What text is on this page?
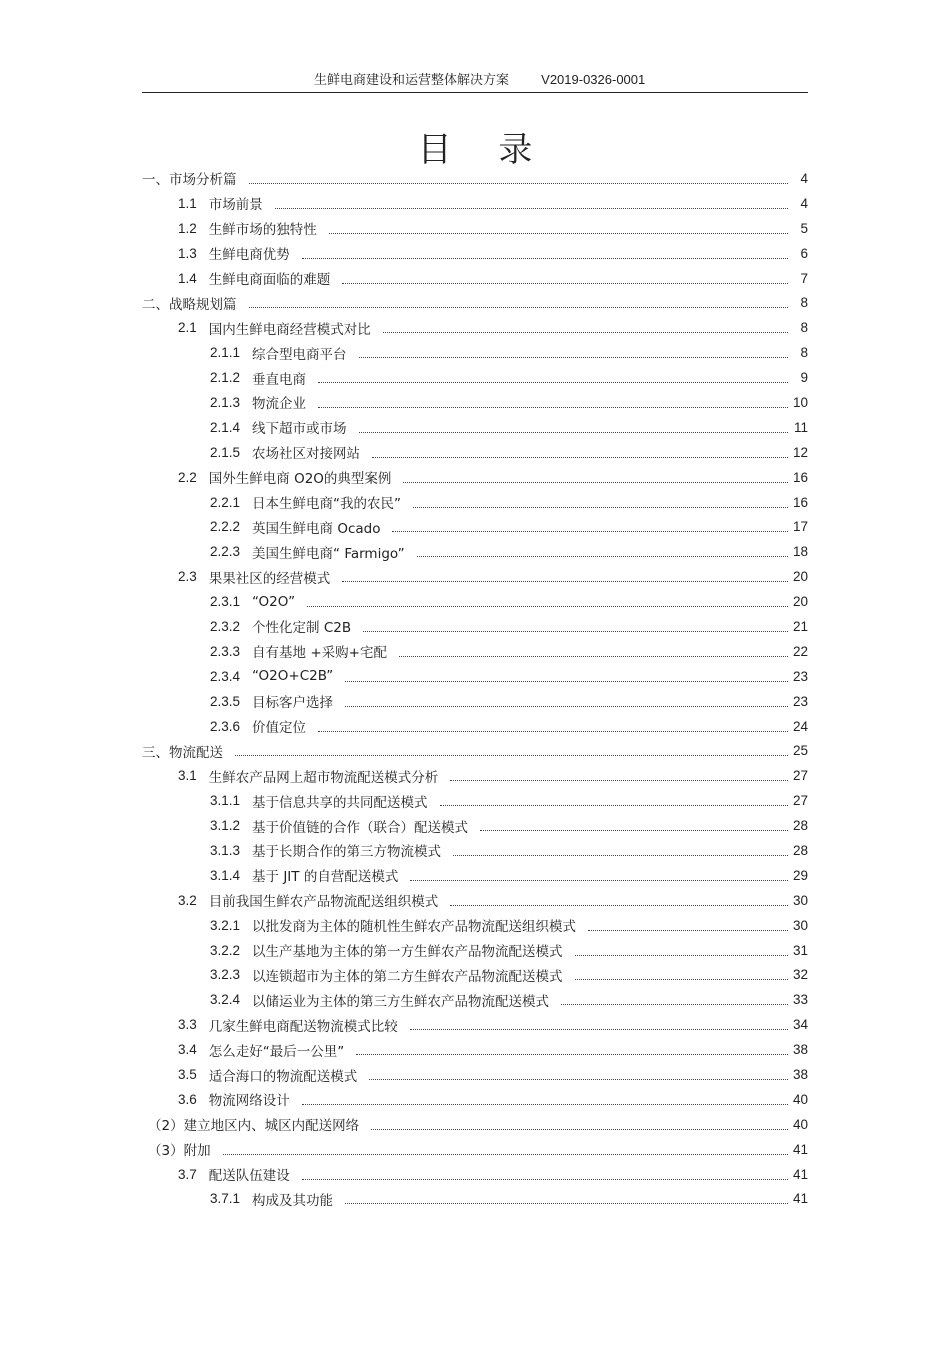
生鲜电商建设和运营整体解决方案 V2019-0326-0001
目 录
一、市场分析篇	4
1.1 市场前景	4
1.2 生鲜市场的独特性	5
1.3 生鲜电商优势	6
1.4 生鲜电商面临的难题	7
二、战略规划篇	8
2.1 国内生鲜电商经营模式对比	8
2.1.1 综合型电商平台	8
2.1.2 垂直电商	9
2.1.3 物流企业	10
2.1.4 线下超市或市场	11
2.1.5 农场社区对接网站	12
2.2 国外生鲜电商 O2O的典型案例	16
2.2.1 日本生鲜电商“我的农民”	16
2.2.2 英国生鲜电商 Ocado	17
2.2.3 美国生鲜电商“ Farmigo”	18
2.3 果果社区的经营模式	20
2.3.1 “O2O”	20
2.3.2 个性化定制 C2B	21
2.3.3 自有基地 +采购+宅配	22
2.3.4 “O2O+C2B”	23
2.3.5 目标客户选择	23
2.3.6 价值定位	24
三、物流配送	25
3.1 生鲜农产品网上超市物流配送模式分析	27
3.1.1 基于信息共享的共同配送模式	27
3.1.2 基于价值链的合作（联合）配送模式	28
3.1.3 基于长期合作的第三方物流模式	28
3.1.4 基于 JIT 的自营配送模式	29
3.2 目前我国生鲜农产品物流配送组织模式	30
3.2.1 以批发商为主体的随机性生鲜农产品物流配送组织模式	30
3.2.2 以生产基地为主体的第一方生鲜农产品物流配送模式	31
3.2.3 以连锁超市为主体的第二方生鲜农产品物流配送模式	32
3.2.4 以储运业为主体的第三方生鲜农产品物流配送模式	33
3.3 几家生鲜电商配送物流模式比较	34
3.4 怎么走好“最后一公里”	38
3.5 适合海口的物流配送模式	38
3.6 物流网络设计	40
（2）建立地区内、城区内配送网络	40
（3）附加	41
3.7 配送队伍建设	41
3.7.1 构成及其功能	41
